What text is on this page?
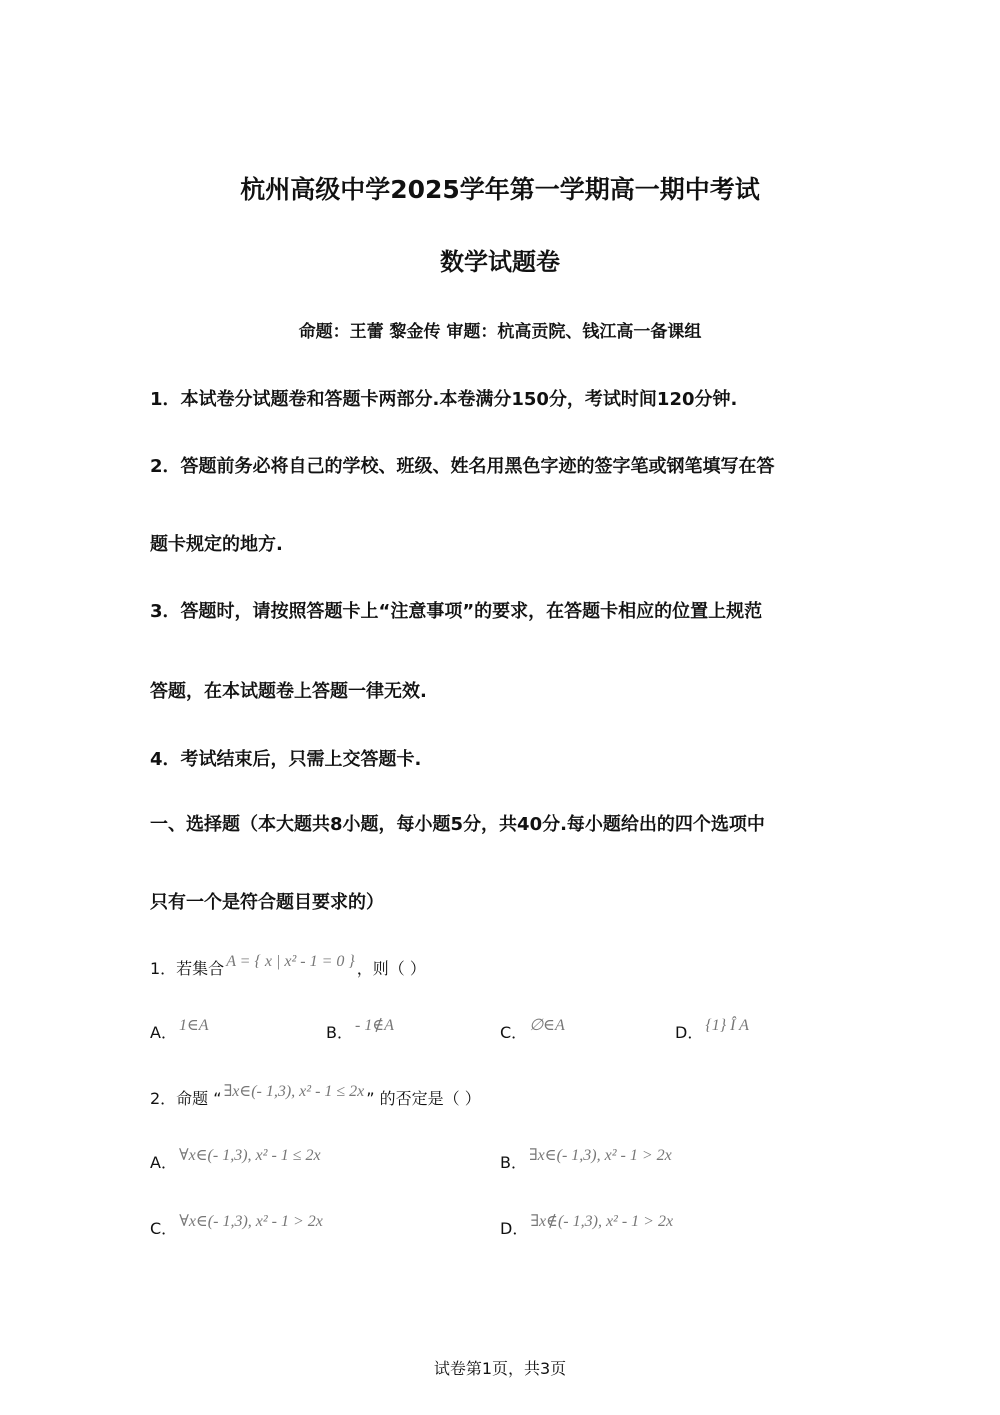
杭州高级中学2025学年第一学期高一期中考试
数学试题卷
命题：王蕾 黎金传 审题：杭高贡院、钱江高一备课组
1．本试卷分试题卷和答题卡两部分.本卷满分150分，考试时间120分钟.
2．答题前务必将自己的学校、班级、姓名用黑色字迹的签字笔或钢笔填写在答
题卡规定的地方.
3．答题时，请按照答题卡上“注意事项”的要求，在答题卡相应的位置上规范
答题，在本试题卷上答题一律无效.
4．考试结束后，只需上交答题卡.
一、选择题（本大题共8小题，每小题5分，共40分.每小题给出的四个选项中
只有一个是符合题目要求的）
1．若集合 A = { x | x² - 1 = 0 } ，则（ ）
A． 1∈A	B． - 1∉A	C． ∅∈A	D． {1} Î A
2．命题 “ ∃x∈(- 1,3), x² - 1 ≤ 2x ” 的否定是（ ）
A． ∀x∈(- 1,3), x² - 1 ≤ 2x	B． ∃x∈(- 1,3), x² - 1 > 2x
C． ∀x∈(- 1,3), x² - 1 > 2x	D． ∃x∉(- 1,3), x² - 1 > 2x
试卷第1页，共3页
